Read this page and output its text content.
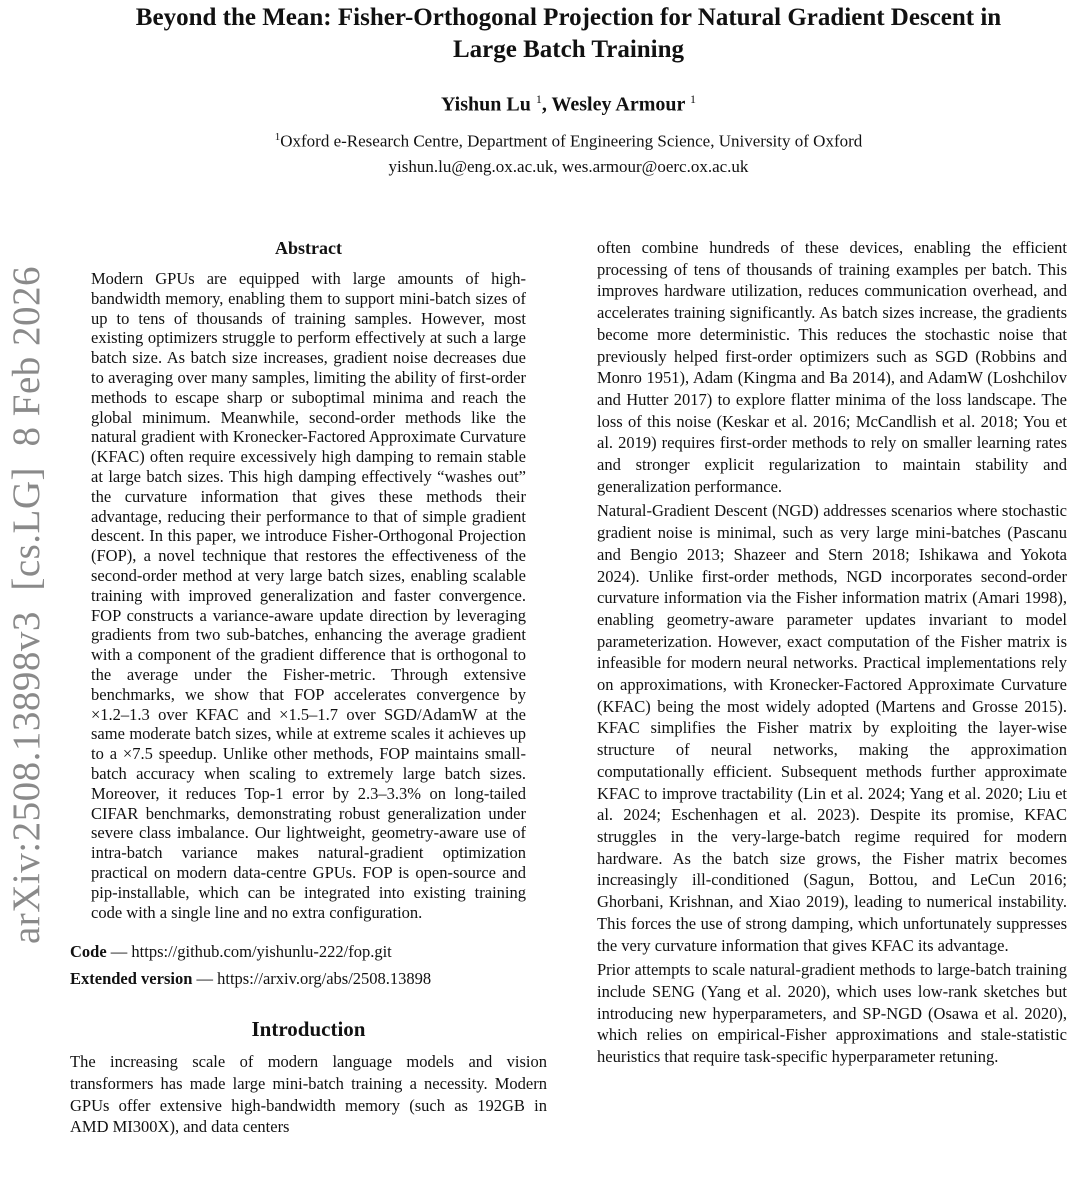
arXiv:2508.13898v3  [cs.LG]  8 Feb 2026
Beyond the Mean: Fisher-Orthogonal Projection for Natural Gradient Descent in
Large Batch Training
Yishun Lu $^1$, Wesley Armour $^1$
$^1$Oxford e-Research Centre, Department of Engineering Science, University of Oxford
yishun.lu@eng.ox.ac.uk, wes.armour@oerc.ox.ac.uk
Abstract
Modern GPUs are equipped with large amounts of high-bandwidth memory, enabling them to support mini-batch sizes of up to tens of thousands of training samples. However, most existing optimizers struggle to perform effectively at such a large batch size. As batch size increases, gradient noise decreases due to averaging over many samples, limiting the ability of first-order methods to escape sharp or suboptimal minima and reach the global minimum. Meanwhile, second-order methods like the natural gradient with Kronecker-Factored Approximate Curvature (KFAC) often require excessively high damping to remain stable at large batch sizes. This high damping effectively “washes out” the curvature information that gives these methods their advantage, reducing their performance to that of simple gradient descent. In this paper, we introduce Fisher-Orthogonal Projection (FOP), a novel technique that restores the effectiveness of the second-order method at very large batch sizes, enabling scalable training with improved generalization and faster convergence. FOP constructs a variance-aware update direction by leveraging gradients from two sub-batches, enhancing the average gradient with a component of the gradient difference that is orthogonal to the average under the Fisher-metric. Through extensive benchmarks, we show that FOP accelerates convergence by ×1.2–1.3 over KFAC and ×1.5–1.7 over SGD/AdamW at the same moderate batch sizes, while at extreme scales it achieves up to a ×7.5 speedup. Unlike other methods, FOP maintains small-batch accuracy when scaling to extremely large batch sizes. Moreover, it reduces Top-1 error by 2.3–3.3% on long-tailed CIFAR benchmarks, demonstrating robust generalization under severe class imbalance. Our lightweight, geometry-aware use of intra-batch variance makes natural-gradient optimization practical on modern data-centre GPUs. FOP is open-source and pip-installable, which can be integrated into existing training code with a single line and no extra configuration.
Code — https://github.com/yishunlu-222/fop.git
Extended version — https://arxiv.org/abs/2508.13898
Introduction

The increasing scale of modern language models and vision transformers has made large mini-batch training a necessity. Modern GPUs offer extensive high-bandwidth memory (such as 192GB in AMD MI300X), and data centers

often combine hundreds of these devices, enabling the efficient processing of tens of thousands of training examples per batch. This improves hardware utilization, reduces communication overhead, and accelerates training significantly. As batch sizes increase, the gradients become more deterministic. This reduces the stochastic noise that previously helped first-order optimizers such as SGD (Robbins and Monro 1951), Adam (Kingma and Ba 2014), and AdamW (Loshchilov and Hutter 2017) to explore flatter minima of the loss landscape. The loss of this noise (Keskar et al. 2016; McCandlish et al. 2018; You et al. 2019) requires first-order methods to rely on smaller learning rates and stronger explicit regularization to maintain stability and generalization performance.

Natural-Gradient Descent (NGD) addresses scenarios where stochastic gradient noise is minimal, such as very large mini-batches (Pascanu and Bengio 2013; Shazeer and Stern 2018; Ishikawa and Yokota 2024). Unlike first-order methods, NGD incorporates second-order curvature information via the Fisher information matrix (Amari 1998), enabling geometry-aware parameter updates invariant to model parameterization. However, exact computation of the Fisher matrix is infeasible for modern neural networks. Practical implementations rely on approximations, with Kronecker-Factored Approximate Curvature (KFAC) being the most widely adopted (Martens and Grosse 2015). KFAC simplifies the Fisher matrix by exploiting the layer-wise structure of neural networks, making the approximation computationally efficient. Subsequent methods further approximate KFAC to improve tractability (Lin et al. 2024; Yang et al. 2020; Liu et al. 2024; Eschenhagen et al. 2023). Despite its promise, KFAC struggles in the very-large-batch regime required for modern hardware. As the batch size grows, the Fisher matrix becomes increasingly ill-conditioned (Sagun, Bottou, and LeCun 2016; Ghorbani, Krishnan, and Xiao 2019), leading to numerical instability. This forces the use of strong damping, which unfortunately suppresses the very curvature information that gives KFAC its advantage.

Prior attempts to scale natural-gradient methods to large-batch training include SENG (Yang et al. 2020), which uses low-rank sketches but introducing new hyperparameters, and SP-NGD (Osawa et al. 2020), which relies on empirical-Fisher approximations and stale-statistic heuristics that require task-specific hyperparameter retuning.
